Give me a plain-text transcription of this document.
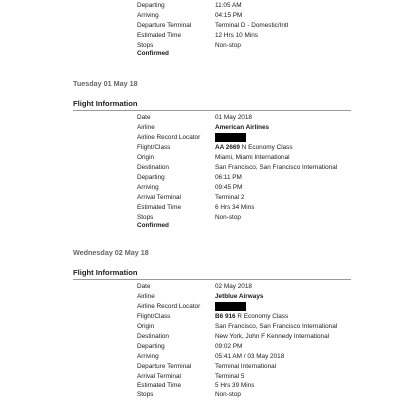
Departing	11:05 AM
Arriving	04:15 PM
Departure Terminal	Terminal D - Domestic/Intl
Estimated Time	12 Hrs 10 Mins
Stops	Non-stop
Confirmed
Tuesday 01 May 18
Flight Information
Date	01 May 2018
Airline	American Airlines
Airline Record Locator
Flight/Class	AA 2669 N Economy Class
Origin	Miami, Miami International
Destination	San Francisco, San Francisco International
Departing	06:11 PM
Arriving	09:45 PM
Arrival Terminal	Terminal 2
Estimated Time	6 Hrs 34 Mins
Stops	Non-stop
Confirmed
Wednesday 02 May 18
Flight Information
Date	02 May 2018
Airline	Jetblue Airways
Airline Record Locator
Flight/Class	B6 916 R Economy Class
Origin	San Francisco, San Francisco International
Destination	New York, John F Kennedy International
Departing	09:02 PM
Arriving	05:41 AM / 03 May 2018
Departure Terminal	Terminal International
Arrival Terminal	Terminal 5
Estimated Time	5 Hrs 39 Mins
Stops	Non-stop
